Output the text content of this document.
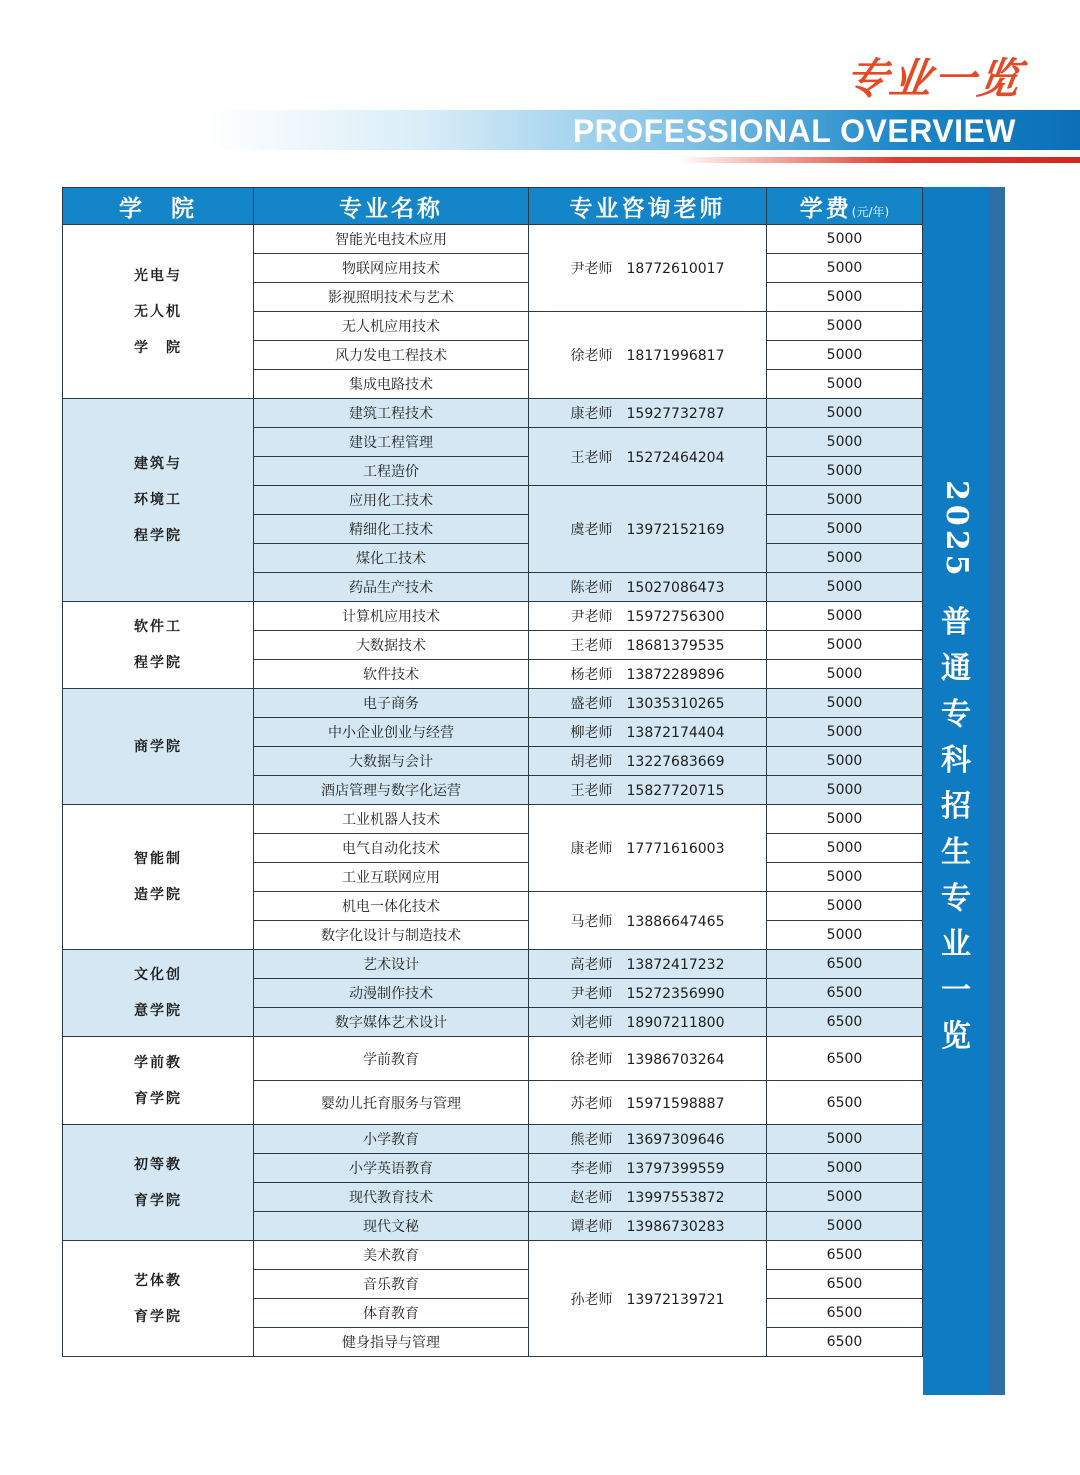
专业一览
PROFESSIONAL OVERVIEW
学　院	专业名称	专业咨询老师	学费(元/年)

光电与
无人机
学　院	智能光电技术应用	尹老师 18772610017	5000
	物联网应用技术		5000
	影视照明技术与艺术		5000
	无人机应用技术	徐老师 18171996817	5000
	风力发电工程技术		5000
	集成电路技术		5000

建筑与
环境工
程学院	建筑工程技术	康老师 15927732787	5000
	建设工程管理	王老师 15272464204	5000
	工程造价		5000
	应用化工技术	虞老师 13972152169	5000
	精细化工技术		5000
	煤化工技术		5000
	药品生产技术	陈老师 15027086473	5000

软件工
程学院	计算机应用技术	尹老师 15972756300	5000
	大数据技术	王老师 18681379535	5000
	软件技术	杨老师 13872289896	5000

商学院	电子商务	盛老师 13035310265	5000
	中小企业创业与经营	柳老师 13872174404	5000
	大数据与会计	胡老师 13227683669	5000
	酒店管理与数字化运营	王老师 15827720715	5000

智能制
造学院	工业机器人技术	康老师 17771616003	5000
	电气自动化技术		5000
	工业互联网应用		5000
	机电一体化技术	马老师 13886647465	5000
	数字化设计与制造技术		5000

文化创
意学院	艺术设计	高老师 13872417232	6500
	动漫制作技术	尹老师 15272356990	6500
	数字媒体艺术设计	刘老师 18907211800	6500

学前教
育学院	学前教育	徐老师 13986703264	6500
	婴幼儿托育服务与管理	苏老师 15971598887	6500

初等教
育学院	小学教育	熊老师 13697309646	5000
	小学英语教育	李老师 13797399559	5000
	现代教育技术	赵老师 13997553872	5000
	现代文秘	谭老师 13986730283	5000

艺体教
育学院	美术教育	孙老师 13972139721	6500
	音乐教育		6500
	体育教育		6500
	健身指导与管理		6500
2025
普
通
专
科
招
生
专
业
一
览
